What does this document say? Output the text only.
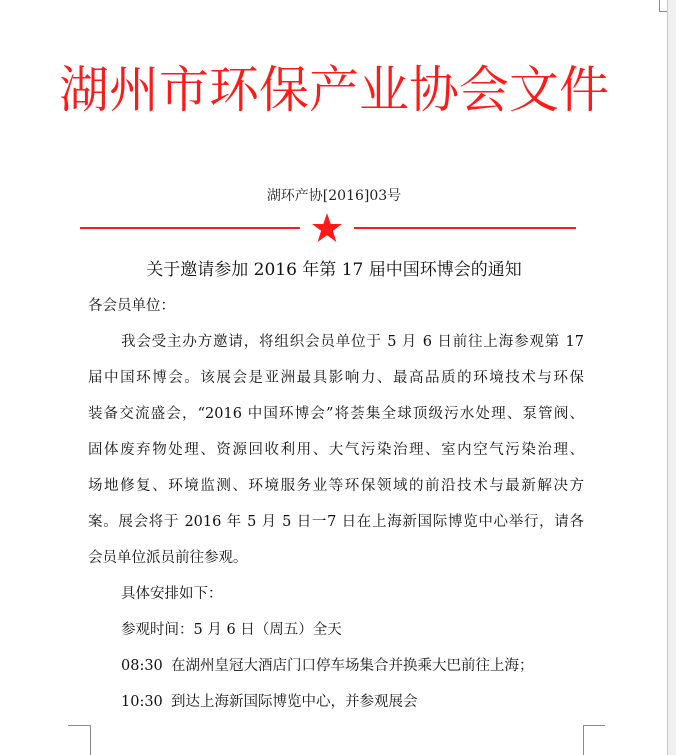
湖州市环保产业协会文件
湖环产协[2016]03号
关于邀请参加 2016 年第 17 届中国环博会的通知
各会员单位：
我会受主办方邀请，将组织会员单位于 5 月 6 日前往上海参观第 17
届中国环博会。该展会是亚洲最具影响力、最高品质的环境技术与环保
装备交流盛会，“2016 中国环博会”将荟集全球顶级污水处理、泵管阀、
固体废弃物处理、资源回收利用、大气污染治理、室内空气污染治理、
场地修复、环境监测、环境服务业等环保领域的前沿技术与最新解决方
案。展会将于 2016 年 5 月 5 日一7 日在上海新国际博览中心举行，请各
会员单位派员前往参观。
具体安排如下：
参观时间：5 月 6 日（周五）全天
08:30 在湖州皇冠大酒店门口停车场集合并换乘大巴前往上海；
10:30 到达上海新国际博览中心，并参观展会
